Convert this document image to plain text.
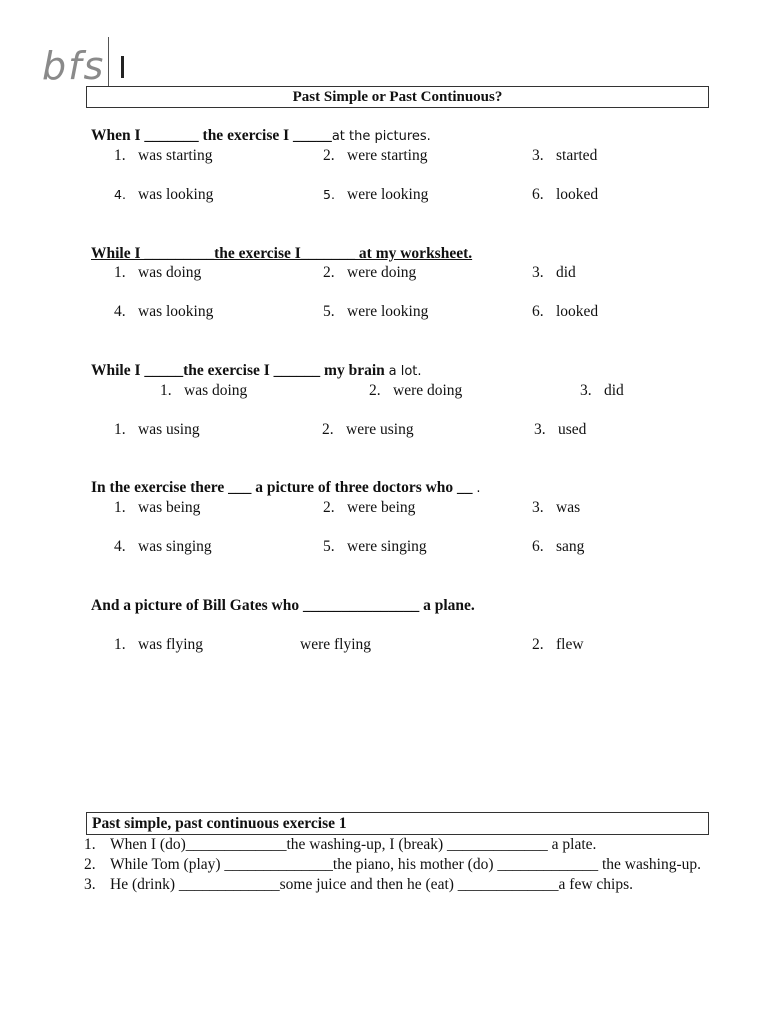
bfs
Past Simple or Past Continuous?
When I _______ the exercise I _____at the pictures.
1. was starting	2. were starting	3. started
4. was looking	5. were looking	6. looked
While I _________the exercise I_______ at my worksheet.
1. was doing	2. were doing	3. did
4. was looking	5. were looking	6. looked
While I _____the exercise I ______ my brain a lot.
1. was doing	2. were doing	3. did
1. was using	2. were using	3. used
In the exercise there ___ a picture of three doctors who __ .
1. was being	2. were being	3. was
4. was singing	5. were singing	6. sang
And a picture of Bill Gates who _______________ a plane.
1. was flying	were flying	2. flew
Past simple, past continuous exercise 1
1. When I (do)_____________the washing-up, I (break) _____________ a plate.
2. While Tom (play) ______________the piano, his mother (do) _____________ the washing-up.
3. He (drink) _____________some juice and then he (eat) _____________a few chips.
